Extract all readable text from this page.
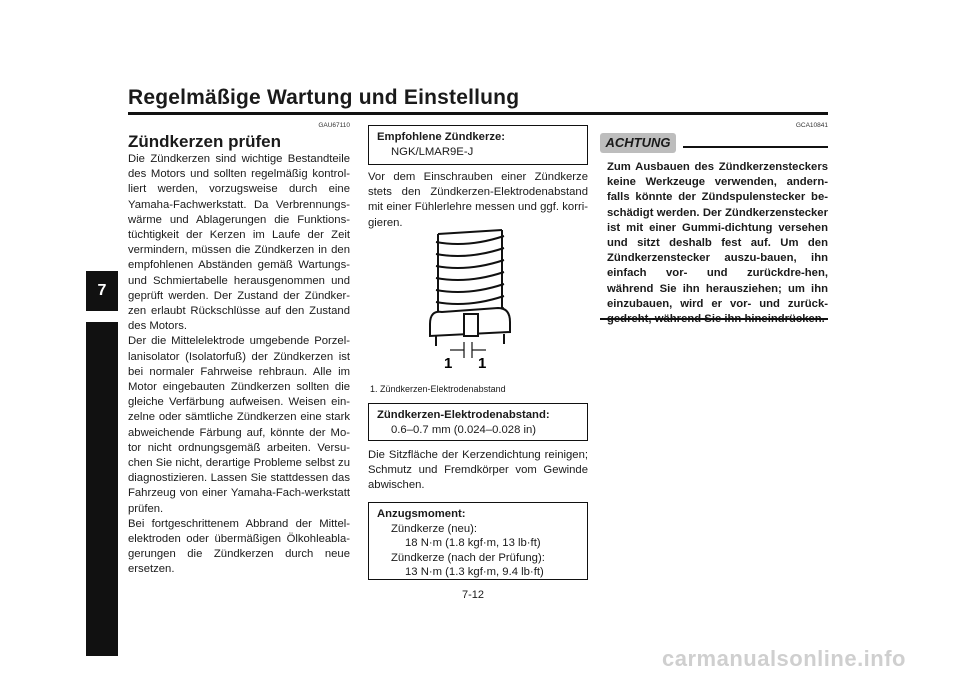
Regelmäßige Wartung und Einstellung
7
GAU67110
Zündkerzen prüfen
Die Zündkerzen sind wichtige Bestandteile des Motors und sollten regelmäßig kontrol-liert werden, vorzugsweise durch eine Yamaha-Fachwerkstatt. Da Verbrennungs-wärme und Ablagerungen die Funktions-tüchtigkeit der Kerzen im Laufe der Zeit vermindern, müssen die Zündkerzen in den empfohlenen Abständen gemäß Wartungs- und Schmiertabelle herausgenommen und geprüft werden. Der Zustand der Zündker-zen erlaubt Rückschlüsse auf den Zustand des Motors.
Der die Mittelelektrode umgebende Porzel-lanisolator (Isolatorfuß) der Zündkerzen ist bei normaler Fahrweise rehbraun. Alle im Motor eingebauten Zündkerzen sollten die gleiche Verfärbung aufweisen. Weisen ein-zelne oder sämtliche Zündkerzen eine stark abweichende Färbung auf, könnte der Mo-tor nicht ordnungsgemäß arbeiten. Versu-chen Sie nicht, derartige Probleme selbst zu diagnostizieren. Lassen Sie stattdessen das Fahrzeug von einer Yamaha-Fach-werkstatt prüfen.
Bei fortgeschrittenem Abbrand der Mittel-elektroden oder übermäßigen Ölkohleabla-gerungen die Zündkerzen durch neue ersetzen.
Empfohlene Zündkerze:
NGK/LMAR9E-J
Vor dem Einschrauben einer Zündkerze stets den Zündkerzen-Elektrodenabstand mit einer Fühlerlehre messen und ggf. korri-gieren.
1 1
1. Zündkerzen-Elektrodenabstand
Zündkerzen-Elektrodenabstand:
0.6–0.7 mm (0.024–0.028 in)
Die Sitzfläche der Kerzendichtung reinigen; Schmutz und Fremdkörper vom Gewinde abwischen.
Anzugsmoment:
Zündkerze (neu):
18 N·m (1.8 kgf·m, 13 lb·ft)
Zündkerze (nach der Prüfung):
13 N·m (1.3 kgf·m, 9.4 lb·ft)
GCA10841
ACHTUNG
Zum Ausbauen des Zündkerzensteckers keine Werkzeuge verwenden, andern-falls könnte der Zündspulenstecker be-schädigt werden. Der Zündkerzenstecker ist mit einer Gummi-dichtung versehen und sitzt deshalb fest auf. Um den Zündkerzenstecker auszu-bauen, ihn einfach vor- und zurückdre-hen, während Sie ihn herausziehen; um ihn einzubauen, wird er vor- und zurück-
7-12
carmanualsonline.info
